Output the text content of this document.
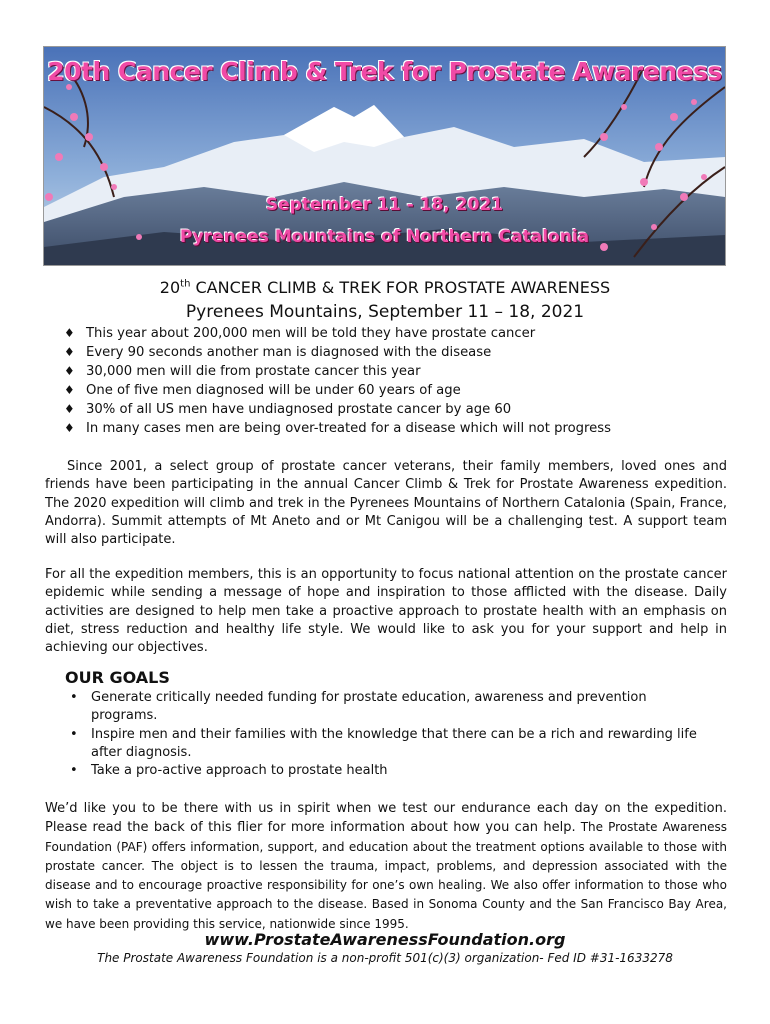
20th Cancer Climb & Trek for Prostate Awareness
September 11 - 18, 2021
Pyrenees Mountains of Northern Catalonia
20th CANCER CLIMB & TREK FOR PROSTATE AWARENESS
Pyrenees Mountains, September 11 – 18, 2021
♦ This year about 200,000 men will be told they have prostate cancer
♦ Every 90 seconds another man is diagnosed with the disease
♦ 30,000 men will die from prostate cancer this year
♦ One of five men diagnosed will be under 60 years of age
♦ 30% of all US men have undiagnosed prostate cancer by age 60
♦ In many cases men are being over-treated for a disease which will not progress

Since 2001, a select group of prostate cancer veterans, their family members, loved ones and friends have been participating in the annual Cancer Climb & Trek for Prostate Awareness expedition. The 2020 expedition will climb and trek in the Pyrenees Mountains of Northern Catalonia (Spain, France, Andorra). Summit attempts of Mt Aneto and or Mt Canigou will be a challenging test. A support team will also participate.

For all the expedition members, this is an opportunity to focus national attention on the prostate cancer epidemic while sending a message of hope and inspiration to those afflicted with the disease. Daily activities are designed to help men take a proactive approach to prostate health with an emphasis on diet, stress reduction and healthy life style. We would like to ask you for your support and help in achieving our objectives.

OUR GOALS
• Generate critically needed funding for prostate education, awareness and prevention programs.
• Inspire men and their families with the knowledge that there can be a rich and rewarding life after diagnosis.
• Take a pro-active approach to prostate health

We’d like you to be there with us in spirit when we test our endurance each day on the expedition. Please read the back of this flier for more information about how you can help. The Prostate Awareness Foundation (PAF) offers information, support, and education about the treatment options available to those with prostate cancer. The object is to lessen the trauma, impact, problems, and depression associated with the disease and to encourage proactive responsibility for one’s own healing. We also offer information to those who wish to take a preventative approach to the disease. Based in Sonoma County and the San Francisco Bay Area, we have been providing this service, nationwide since 1995.

www.ProstateAwarenessFoundation.org
The Prostate Awareness Foundation is a non-profit 501(c)(3) organization- Fed ID #31-1633278
